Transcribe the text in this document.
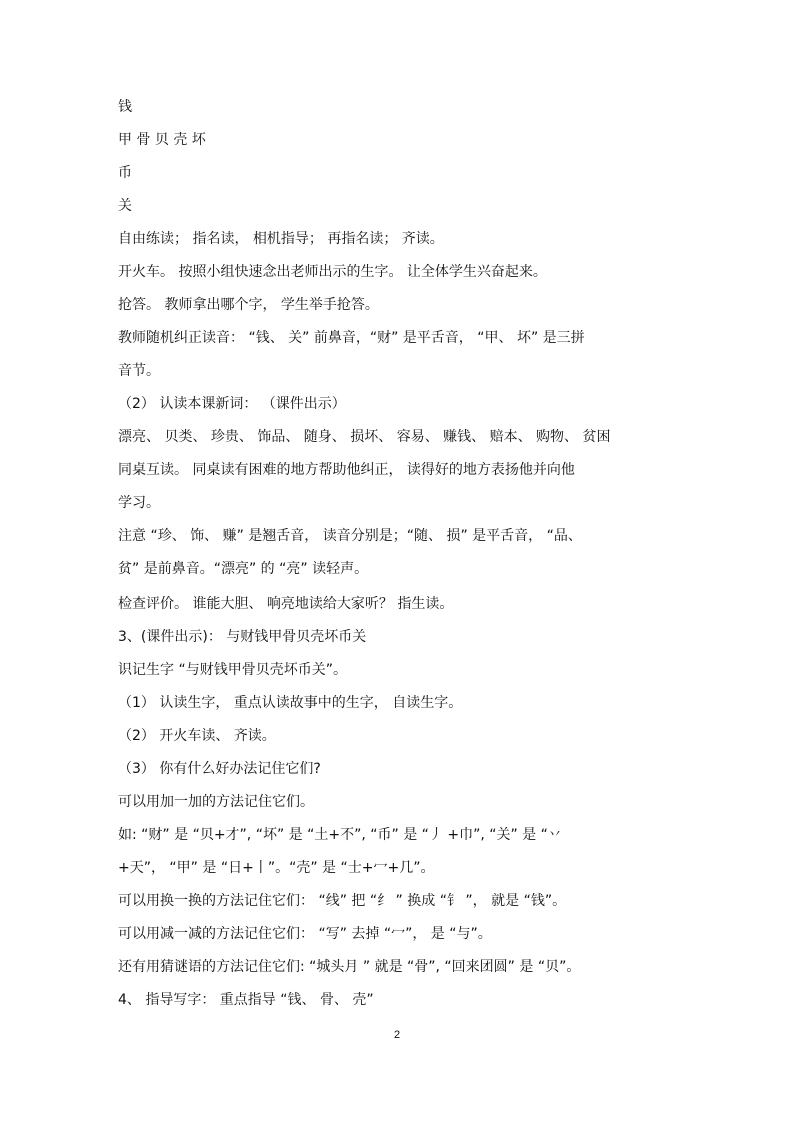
钱
甲 骨 贝 壳 坏
币
关
自由练读； 指名读， 相机指导； 再指名读； 齐读。
开火车。 按照小组快速念出老师出示的生字。 让全体学生兴奋起来。
抢答。 教师拿出哪个字， 学生举手抢答。
教师随机纠正读音： “钱、 关” 前鼻音，“财” 是平舌音， “甲、 坏” 是三拼
音节。
（2） 认读本课新词： （课件出示）
漂亮、 贝类、 珍贵、 饰品、 随身、 损坏、 容易、 赚钱、 赔本、 购物、 贫困
同桌互读。 同桌读有困难的地方帮助他纠正， 读得好的地方表扬他并向他
学习。
注意 “珍、 饰、 赚” 是翘舌音， 读音分别是；“随、 损” 是平舌音， “品、
贫” 是前鼻音。“漂亮” 的 “亮” 读轻声。
检查评价。 谁能大胆、 响亮地读给大家听？ 指生读。
3、(课件出示)： 与财钱甲骨贝壳坏币关
识记生字 “与财钱甲骨贝壳坏币关”。
（1） 认读生字， 重点认读故事中的生字， 自读生字。
（2） 开火车读、 齐读。
（3） 你有什么好办法记住它们?
可以用加一加的方法记住它们。
如: “财” 是 “贝+才”, “坏” 是 “土+不”, “币” 是 “丿 +巾”, “关” 是 “丷
+天”， “甲” 是 “日+丨”。“壳” 是 “士+冖+几”。
可以用换一换的方法记住它们： “线” 把 “纟 ” 换成 “钅 ”， 就是 “钱”。
可以用减一减的方法记住它们： “写” 去掉 “冖”， 是 “与”。
还有用猜谜语的方法记住它们: “城头月 ” 就是 “骨”, “回来团圆” 是 “贝”。
4、 指导写字： 重点指导 “钱、 骨、 壳”
2
